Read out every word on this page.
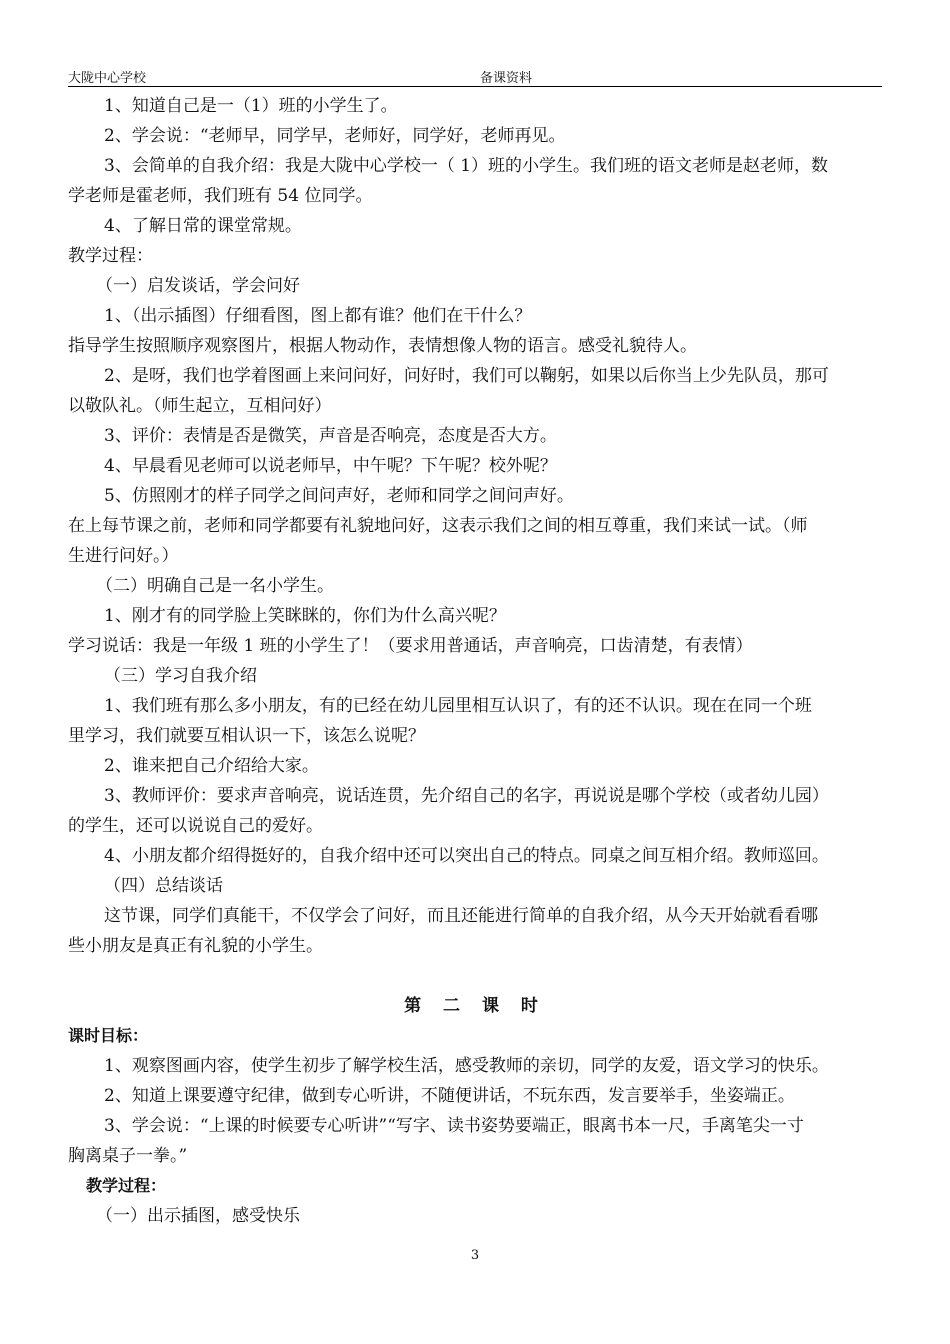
大陇中心学校	备课资料
1、知道自己是一（1）班的小学生了。
2、学会说：“老师早，同学早，老师好，同学好，老师再见。
3、会简单的自我介绍：我是大陇中心学校一（ 1）班的小学生。我们班的语文老师是赵老师，数
学老师是霍老师，我们班有 54 位同学。
4、了解日常的课堂常规。
教学过程：
（一）启发谈话，学会问好
1、（出示插图）仔细看图，图上都有谁？他们在干什么？
指导学生按照顺序观察图片，根据人物动作，表情想像人物的语言。感受礼貌待人。
2、是呀，我们也学着图画上来问问好，问好时，我们可以鞠躬，如果以后你当上少先队员，那可
以敬队礼。（师生起立，互相问好）
3、评价：表情是否是微笑，声音是否响亮，态度是否大方。
4、早晨看见老师可以说老师早，中午呢？下午呢？校外呢？
5、仿照刚才的样子同学之间问声好，老师和同学之间问声好。
在上每节课之前，老师和同学都要有礼貌地问好，这表示我们之间的相互尊重，我们来试一试。（师
生进行问好。）
（二）明确自己是一名小学生。
1、刚才有的同学脸上笑眯眯的，你们为什么高兴呢？
学习说话：我是一年级 1 班的小学生了！（要求用普通话，声音响亮，口齿清楚，有表情）
（三）学习自我介绍
1、我们班有那么多小朋友，有的已经在幼儿园里相互认识了，有的还不认识。现在在同一个班
里学习，我们就要互相认识一下，该怎么说呢？
2、谁来把自己介绍给大家。
3、教师评价：要求声音响亮，说话连贯，先介绍自己的名字，再说说是哪个学校（或者幼儿园）
的学生，还可以说说自己的爱好。
4、小朋友都介绍得挺好的，自我介绍中还可以突出自己的特点。同桌之间互相介绍。教师巡回。
（四）总结谈话
这节课，同学们真能干，不仅学会了问好，而且还能进行简单的自我介绍，从今天开始就看看哪
些小朋友是真正有礼貌的小学生。
第 二 课 时
课时目标：
1、观察图画内容，使学生初步了解学校生活，感受教师的亲切，同学的友爱，语文学习的快乐。
2、知道上课要遵守纪律，做到专心听讲，不随便讲话，不玩东西，发言要举手，坐姿端正。
3、学会说：“上课的时候要专心听讲”“写字、读书姿势要端正，眼离书本一尺，手离笔尖一寸
胸离桌子一拳。”
教学过程：
（一）出示插图，感受快乐
3
